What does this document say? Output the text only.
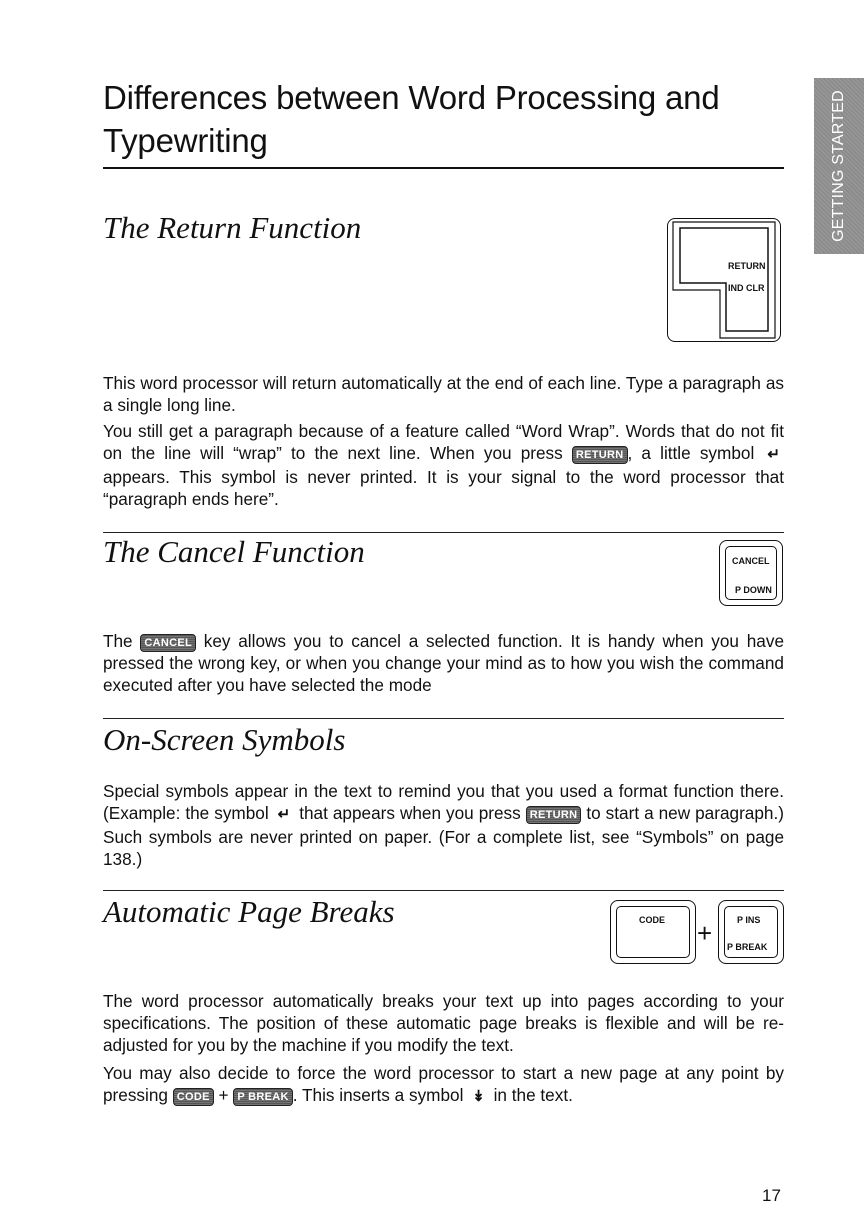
Differences between Word Processing and Typewriting	GETTING STARTED
The Return Function
RETURN
IND CLR

This word processor will return automatically at the end of each line. Type a paragraph as a single long line.

You still get a paragraph because of a feature called “Word Wrap”. Words that do not fit on the line will “wrap” to the next line. When you press RETURN , a little symbol ↵ appears. This symbol is never printed. It is your signal to the word processor that “paragraph ends here”.

The Cancel Function	CANCEL
P DOWN

The CANCEL key allows you to cancel a selected function. It is handy when you have pressed the wrong key, or when you change your mind as to how you wish the command executed after you have selected the mode

On-Screen Symbols

Special symbols appear in the text to remind you that you used a format function there. (Example: the symbol ↵ that appears when you press RETURN to start a new paragraph.) Such symbols are never printed on paper. (For a complete list, see “Symbols” on page 138.)

Automatic Page Breaks	CODE +	P INS
P BREAK

The word processor automatically breaks your text up into pages according to your specifications. The position of these automatic page breaks is flexible and will be re-adjusted for you by the machine if you modify the text.

You may also decide to force the word processor to start a new page at any point by pressing CODE + P BREAK . This inserts a symbol ↡ in the text.

17
